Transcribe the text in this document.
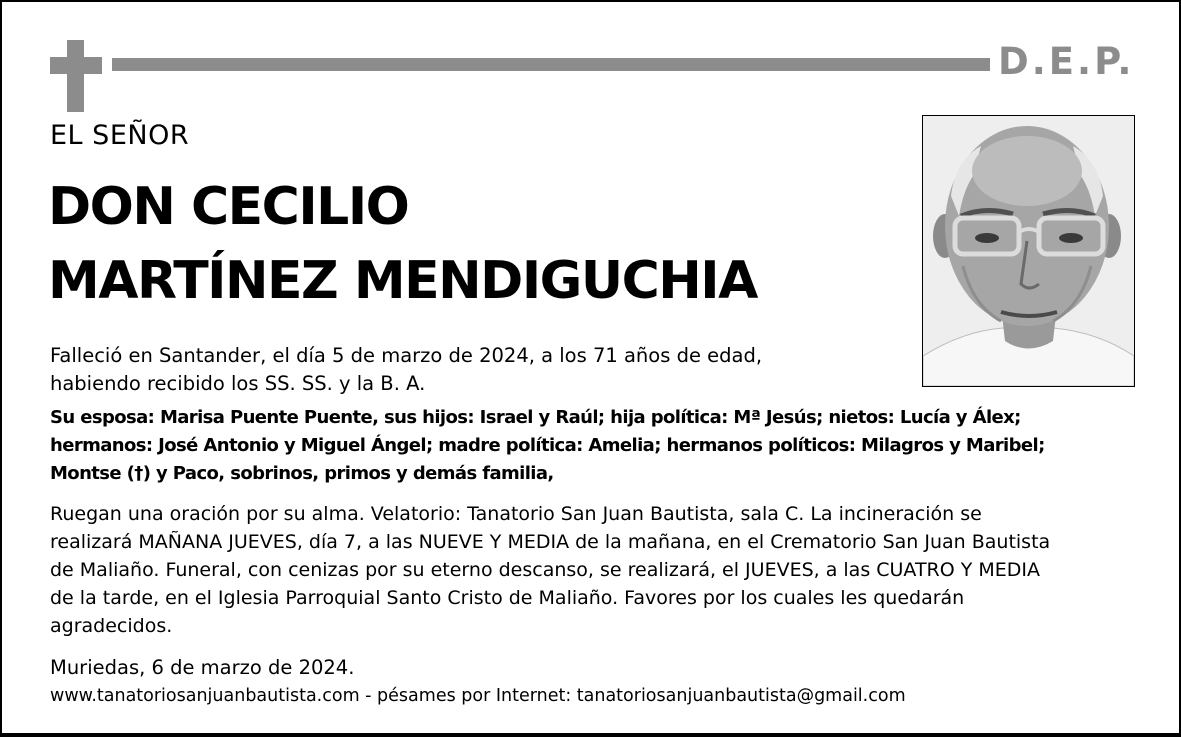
D.E.P.
EL SEÑOR
DON CECILIO
MARTÍNEZ MENDIGUCHIA

Falleció en Santander, el día 5 de marzo de 2024, a los 71 años de edad,
habiendo recibido los SS. SS. y la B. A.

Su esposa: Marisa Puente Puente, sus hijos: Israel y Raúl; hija política: Mª Jesús; nietos: Lucía y Álex;
hermanos: José Antonio y Miguel Ángel; madre política: Amelia; hermanos políticos: Milagros y Maribel;
Montse (†) y Paco, sobrinos, primos y demás familia,

Ruegan una oración por su alma. Velatorio: Tanatorio San Juan Bautista, sala C. La incineración se
realizará MAÑANA JUEVES, día 7, a las NUEVE Y MEDIA de la mañana, en el Crematorio San Juan Bautista
de Maliaño. Funeral, con cenizas por su eterno descanso, se realizará, el JUEVES, a las CUATRO Y MEDIA
de la tarde, en el Iglesia Parroquial Santo Cristo de Maliaño. Favores por los cuales les quedarán
agradecidos.

Muriedas, 6 de marzo de 2024.

www.tanatoriosanjuanbautista.com - pésames por Internet: tanatoriosanjuanbautista@gmail.com
